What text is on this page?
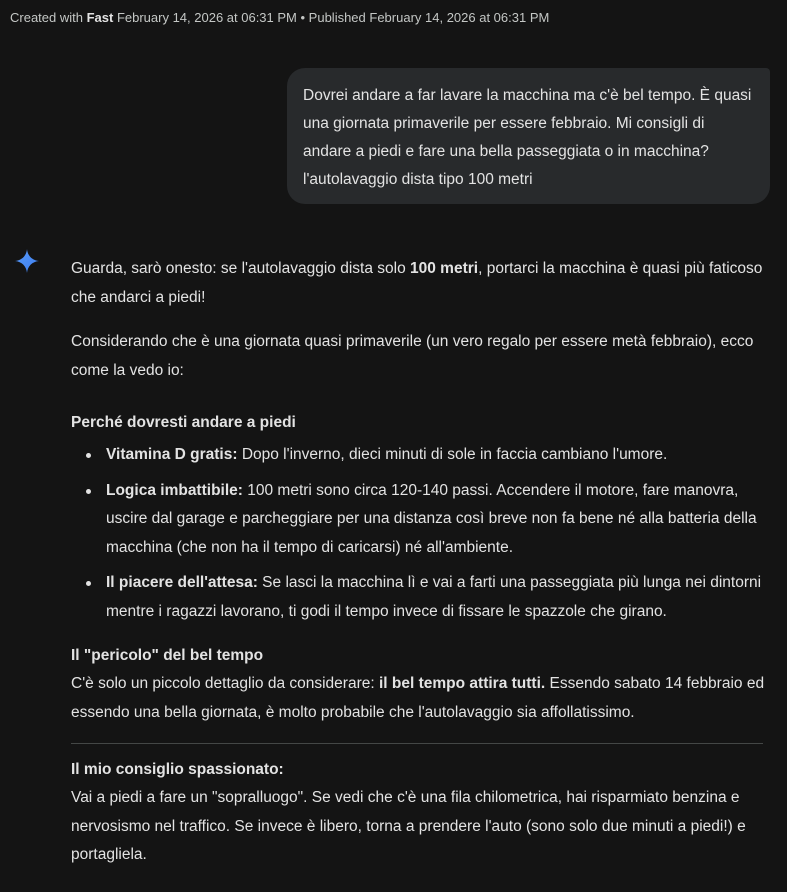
Created with Fast February 14, 2026 at 06:31 PM • Published February 14, 2026 at 06:31 PM
Dovrei andare a far lavare la macchina ma c'è bel tempo. È quasi una giornata primaverile per essere febbraio. Mi consigli di andare a piedi e fare una bella passeggiata o in macchina? l'autolavaggio dista tipo 100 metri

Guarda, sarò onesto: se l'autolavaggio dista solo 100 metri, portarci la macchina è quasi più faticoso che andarci a piedi!

Considerando che è una giornata quasi primaverile (un vero regalo per essere metà febbraio), ecco come la vedo io:

Perché dovresti andare a piedi
Vitamina D gratis: Dopo l'inverno, dieci minuti di sole in faccia cambiano l'umore.
Logica imbattibile: 100 metri sono circa 120-140 passi. Accendere il motore, fare manovra, uscire dal garage e parcheggiare per una distanza così breve non fa bene né alla batteria della macchina (che non ha il tempo di caricarsi) né all'ambiente.
Il piacere dell'attesa: Se lasci la macchina lì e vai a farti una passeggiata più lunga nei dintorni mentre i ragazzi lavorano, ti godi il tempo invece di fissare le spazzole che girano.
Il "pericolo" del bel tempo

C'è solo un piccolo dettaglio da considerare: il bel tempo attira tutti. Essendo sabato 14 febbraio ed essendo una bella giornata, è molto probabile che l'autolavaggio sia affollatissimo.

Il mio consiglio spassionato:

Vai a piedi a fare un "sopralluogo". Se vedi che c'è una fila chilometrica, hai risparmiato benzina e nervosismo nel traffico. Se invece è libero, torna a prendere l'auto (sono solo due minuti a piedi!) e portagliela.
